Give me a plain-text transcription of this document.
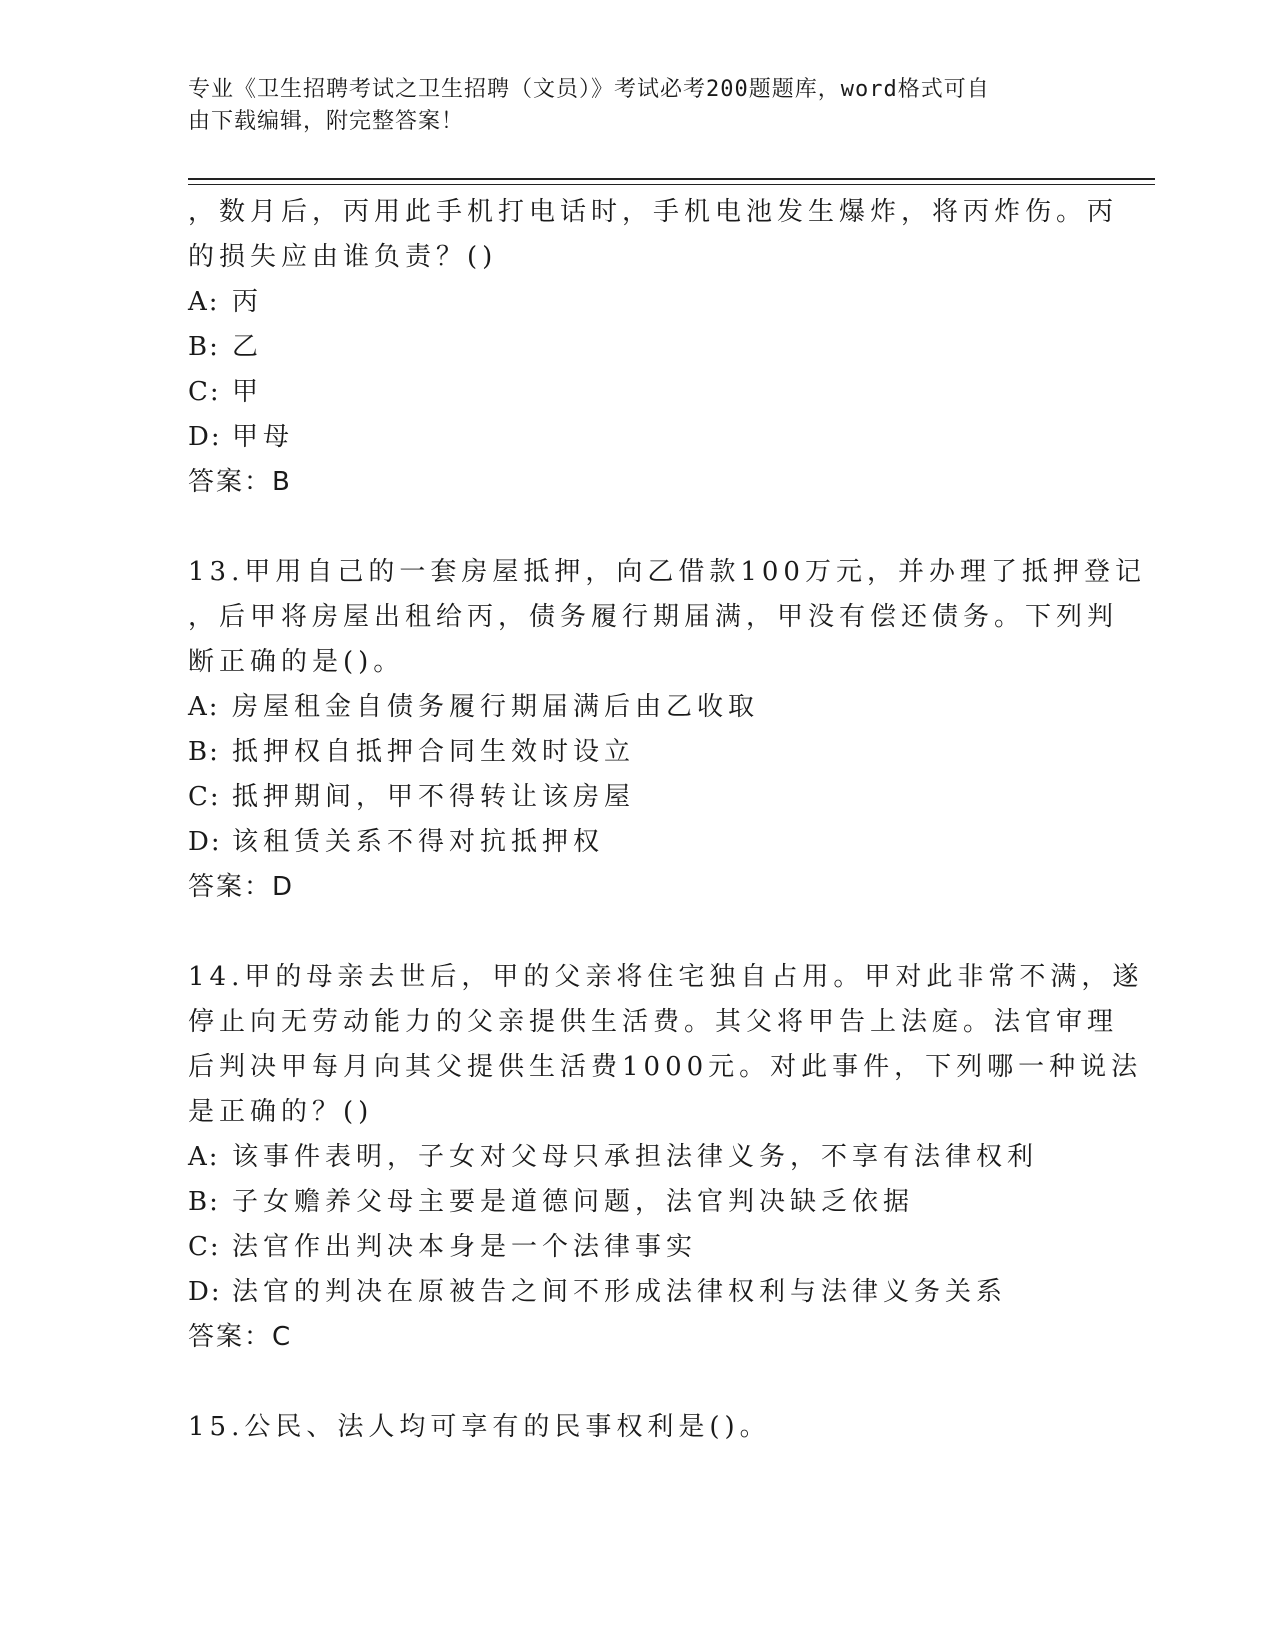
专业《卫生招聘考试之卫生招聘（文员）》考试必考200题题库，word格式可自
由下载编辑，附完整答案！
，数月后，丙用此手机打电话时，手机电池发生爆炸，将丙炸伤。丙
的损失应由谁负责？()
A: 丙
B: 乙
C: 甲
D: 甲母
答案：B
13.甲用自己的一套房屋抵押，向乙借款100万元，并办理了抵押登记
，后甲将房屋出租给丙，债务履行期届满，甲没有偿还债务。下列判
断正确的是()。
A: 房屋租金自债务履行期届满后由乙收取
B: 抵押权自抵押合同生效时设立
C: 抵押期间，甲不得转让该房屋
D: 该租赁关系不得对抗抵押权
答案：D
14.甲的母亲去世后，甲的父亲将住宅独自占用。甲对此非常不满，遂
停止向无劳动能力的父亲提供生活费。其父将甲告上法庭。法官审理
后判决甲每月向其父提供生活费1000元。对此事件，下列哪一种说法
是正确的？()
A: 该事件表明，子女对父母只承担法律义务，不享有法律权利
B: 子女赡养父母主要是道德问题，法官判决缺乏依据
C: 法官作出判决本身是一个法律事实
D: 法官的判决在原被告之间不形成法律权利与法律义务关系
答案：C
15.公民、法人均可享有的民事权利是()。
